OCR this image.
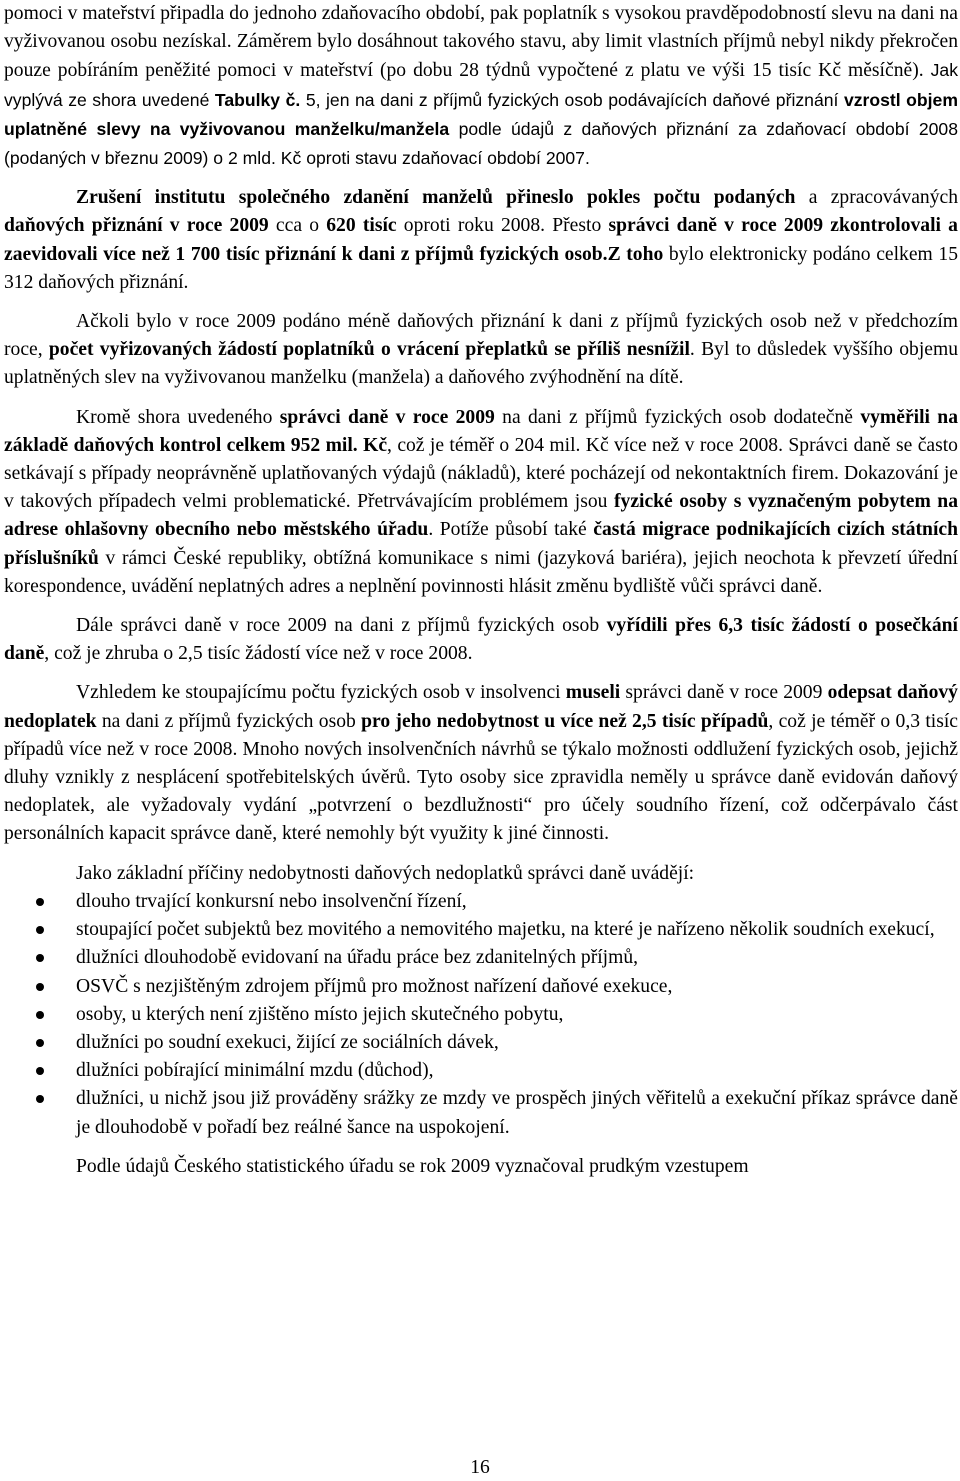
pomoci v mateřství připadla do jednoho zdaňovacího období, pak poplatník s vysokou pravděpodobností slevu na dani na vyživovanou osobu nezískal. Záměrem bylo dosáhnout takového stavu, aby limit vlastních příjmů nebyl nikdy překročen pouze pobíráním peněžité pomoci v mateřství (po dobu 28 týdnů vypočtené z platu ve výši 15 tisíc Kč měsíčně). Jak vyplývá ze shora uvedené Tabulky č. 5, jen na dani z příjmů fyzických osob podávajících daňové přiznání vzrostl objem uplatněné slevy na vyživovanou manželku/manžela podle údajů z daňových přiznání za zdaňovací období 2008 (podaných v březnu 2009) o 2 mld. Kč oproti stavu zdaňovací období 2007.

Zrušení institutu společného zdanění manželů přineslo pokles počtu podaných a zpracovávaných daňových přiznání v roce 2009 cca o 620 tisíc oproti roku 2008. Přesto správci daně v roce 2009 zkontrolovali a zaevidovali více než 1 700 tisíc přiznání k dani z příjmů fyzických osob.Z toho bylo elektronicky podáno celkem 15 312 daňových přiznání.

Ačkoli bylo v roce 2009 podáno méně daňových přiznání k dani z příjmů fyzických osob než v předchozím roce, počet vyřizovaných žádostí poplatníků o vrácení přeplatků se příliš nesnížil. Byl to důsledek vyššího objemu uplatněných slev na vyživovanou manželku (manžela) a daňového zvýhodnění na dítě.

Kromě shora uvedeného správci daně v roce 2009 na dani z příjmů fyzických osob dodatečně vyměřili na základě daňových kontrol celkem 952 mil. Kč, což je téměř o 204 mil. Kč více než v roce 2008. Správci daně se často setkávají s případy neoprávněně uplatňovaných výdajů (nákladů), které pocházejí od nekontaktních firem. Dokazování je v takových případech velmi problematické. Přetrvávajícím problémem jsou fyzické osoby s vyznačeným pobytem na adrese ohlašovny obecního nebo městského úřadu. Potíže působí také častá migrace podnikajících cizích státních příslušníků v rámci České republiky, obtížná komunikace s nimi (jazyková bariéra), jejich neochota k převzetí úřední korespondence, uvádění neplatných adres a neplnění povinnosti hlásit změnu bydliště vůči správci daně.

Dále správci daně v roce 2009 na dani z příjmů fyzických osob vyřídili přes 6,3 tisíc žádostí o posečkání daně, což je zhruba o 2,5 tisíc žádostí více než v roce 2008.

Vzhledem ke stoupajícímu počtu fyzických osob v insolvenci museli správci daně v roce 2009 odepsat daňový nedoplatek na dani z příjmů fyzických osob pro jeho nedobytnost u více než 2,5 tisíc případů, což je téměř o 0,3 tisíc případů více než v roce 2008. Mnoho nových insolvenčních návrhů se týkalo možnosti oddlužení fyzických osob, jejichž dluhy vznikly z nesplácení spotřebitelských úvěrů. Tyto osoby sice zpravidla neměly u správce daně evidován daňový nedoplatek, ale vyžadovaly vydání „potvrzení o bezdlužnosti“ pro účely soudního řízení, což odčerpávalo část personálních kapacit správce daně, které nemohly být využity k jiné činnosti.

Jako základní příčiny nedobytnosti daňových nedoplatků správci daně uvádějí:

dlouho trvající konkursní nebo insolvenční řízení,
stoupající počet subjektů bez movitého a nemovitého majetku, na které je nařízeno několik soudních exekucí,
dlužníci dlouhodobě evidovaní na úřadu práce bez zdanitelných příjmů,
OSVČ s nezjištěným zdrojem příjmů pro možnost nařízení daňové exekuce,
osoby, u kterých není zjištěno místo jejich skutečného pobytu,
dlužníci po soudní exekuci, žijící ze sociálních dávek,
dlužníci pobírající minimální mzdu (důchod),
dlužníci, u nichž jsou již prováděny srážky ze mzdy ve prospěch jiných věřitelů a exekuční příkaz správce daně je dlouhodobě v pořadí bez reálné šance na uspokojení.

Podle údajů Českého statistického úřadu se rok 2009 vyznačoval prudkým vzestupem

16
